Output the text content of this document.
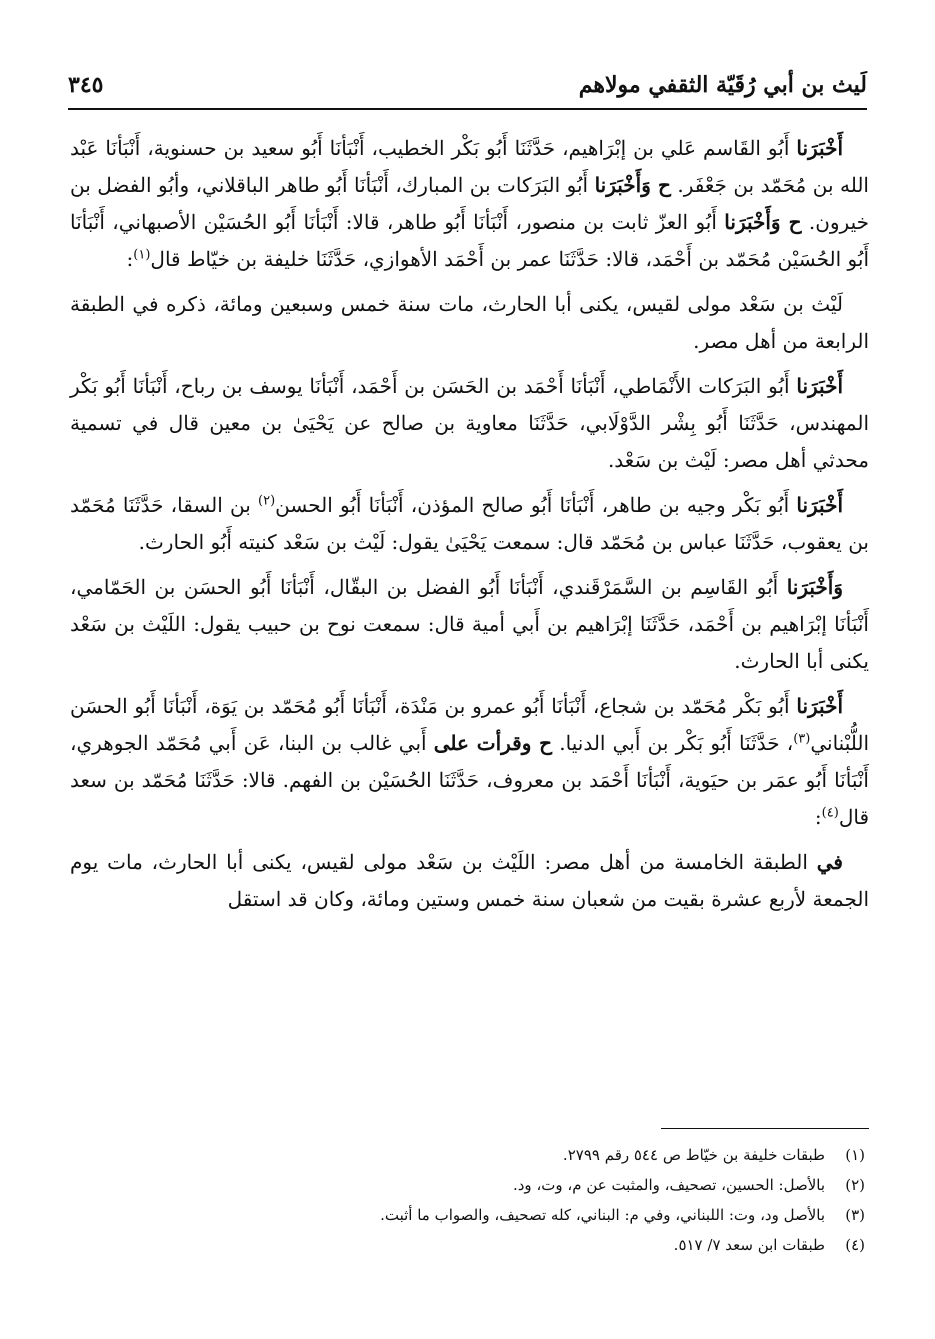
لَيث بن أبي رُقَيّة الثقفي مولاهم
٣٤٥

أَخْبَرَنا أَبُو القَاسم عَلي بن إبْرَاهيم، حَدَّثَنَا أَبُو بَكْر الخطيب، أَنْبَأنَا أَبُو سعيد بن حسنوية، أَنْبَأنَا عَبْد الله بن مُحَمّد بن جَعْفَر. ح وَأَخْبَرَنا أَبُو البَرَكات بن المبارك، أَنْبَأنَا أَبُو طاهر الباقلاني، وأبُو الفضل بن خيرون. ح وَأَخْبَرَنا أَبُو العزّ ثابت بن منصور، أَنْبَأنَا أَبُو طاهر، قالا: أَنْبَأنَا أَبُو الحُسَيْن الأصبهاني، أَنْبَأنَا أَبُو الحُسَيْن مُحَمّد بن أَحْمَد، قالا: حَدَّثَنَا عمر بن أَحْمَد الأهوازي، حَدَّثَنَا خليفة بن خيّاط قال$^{(١)}$:

لَيْث بن سَعْد مولى لقيس، يكنى أبا الحارث، مات سنة خمس وسبعين ومائة، ذكره في الطبقة الرابعة من أهل مصر.

أَخْبَرَنا أَبُو البَرَكات الأَنْمَاطي، أَنْبَأنَا أَحْمَد بن الحَسَن بن أَحْمَد، أَنْبَأنَا يوسف بن رباح، أَنْبَأنَا أَبُو بَكْر المهندس، حَدَّثَنَا أَبُو بِشْر الدَّوْلَابي، حَدَّثَنَا معاوية بن صالح عن يَحْيَىٰ بن معين قال في تسمية محدثي أهل مصر: لَيْث بن سَعْد.

أَخْبَرَنا أَبُو بَكْر وجيه بن طاهر، أَنْبَأنَا أَبُو صالح المؤذن، أَنْبَأنَا أَبُو الحسن$^{(٢)}$ بن السقا، حَدَّثَنَا مُحَمّد بن يعقوب، حَدَّثَنَا عباس بن مُحَمّد قال: سمعت يَحْيَىٰ يقول: لَيْث بن سَعْد كنيته أَبُو الحارث.

وَأَخْبَرَنا أَبُو القَاسِم بن السَّمَرْقَندي، أَنْبَأنَا أَبُو الفضل بن البقّال، أَنْبَأنَا أَبُو الحسَن بن الحَمّامي، أَنْبَأنَا إبْرَاهيم بن أَحْمَد، حَدَّثَنَا إبْرَاهيم بن أَبي أمية قال: سمعت نوح بن حبيب يقول: اللَيْث بن سَعْد يكنى أبا الحارث.

أَخْبَرَنا أَبُو بَكْر مُحَمّد بن شجاع، أَنْبَأنَا أَبُو عمرو بن مَنْدَة، أَنْبَأنَا أَبُو مُحَمّد بن يَوَة، أَنْبَأنَا أَبُو الحسَن اللُّبْناني$^{(٣)}$، حَدَّثَنَا أَبُو بَكْر بن أَبي الدنيا. ح وقرأت على أَبي غالب بن البنا، عَن أَبي مُحَمّد الجوهري، أَنْبَأنَا أَبُو عمَر بن حيَوية، أَنْبَأنَا أَحْمَد بن معروف، حَدَّثَنَا الحُسَيْن بن الفهم. قالا: حَدَّثَنَا مُحَمّد بن سعد قال$^{(٤)}$:

في الطبقة الخامسة من أهل مصر: اللَيْث بن سَعْد مولى لقيس، يكنى أبا الحارث، مات يوم الجمعة لأربع عشرة بقيت من شعبان سنة خمس وستين ومائة، وكان قد استقل

(١)
طبقات خليفة بن خيّاط ص ٥٤٤ رقم ٢٧٩٩.
(٢)
بالأصل: الحسين، تصحيف، والمثبت عن م، وت، ود.
(٣)
بالأصل ود، وت: اللبناني، وفي م: البناني، كله تصحيف، والصواب ما أثبت.
(٤)
طبقات ابن سعد ٧/ ٥١٧.
